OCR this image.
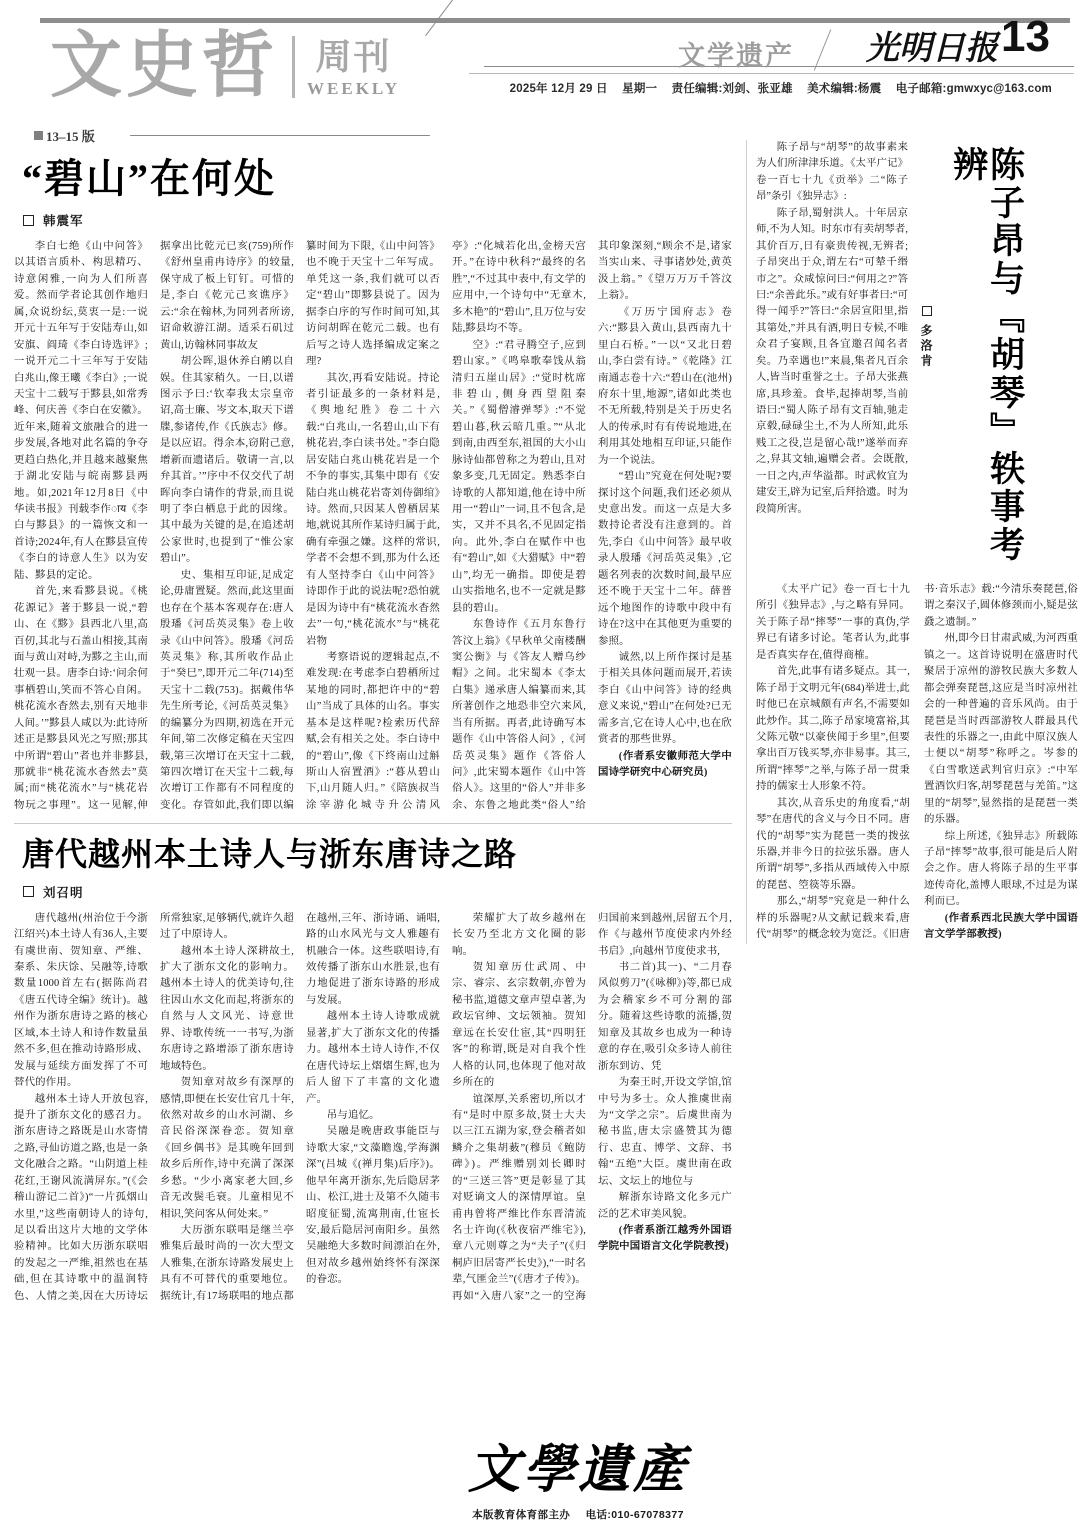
文史哲 周刊
WEEKLY
13–15 版
文学遗产 光明日报 13
2025年 12月 29 日 星期一 责任编辑:刘剑、张亚雄 美术编辑:杨震 电子邮箱:gmwxyc@163.com
“碧山”在何处
韩震军

李白七绝《山中问答》以其语言质朴、构思精巧、诗意闲雅,一向为人们所喜爱。然而学者论其创作地归属,众说纷纭,莫衷一是:一说开元十五年写于安陆寿山,如安旗、阎琦《李白诗选评》;一说开元二十三年写于安陆白兆山,像王曦《李白》;一说天宝十二载写于黟县,如常秀峰、何庆善《李白在安徽》。近年来,随着文旅融合的进一步发展,各地对此名篇的争夺更趋白热化,并且越来越聚焦于湖北安陆与皖南黟县两地。如,2021年12月8日《中华读书报》刊载李作ाय《李白与黟县》的一篇恢文和一首诗;2024年,有人在黟县宣传《李白的诗意人生》以为安陆、黟县的定论。

首先,来看黟县说。《桃花源记》著于黟县一说,“碧山、在《黟》县西北八里,高百仞,其北与石盖山相接,其南面与黄山对峙,为黟之主山,而壮观一县。唐李白诗:‘问余何事栖碧山,笑而不答心自闲。桃花流水杳然去,别有天地非人间。’”黟县人咸以为:此诗所述正是黟县风光之写照;那其中所谓“碧山”者也并非黟县,那就非“桃花流水杳然去”莫属;而“桃花流水”与“桃花岩物玩之事理”。这一见解,伸据拿出比乾元已亥(759)所作《舒州皇甫冉诗序》的较量,保守成了板上钉钉。可惜的是,李白《乾元己亥谯序》云:“余在翰林,为同列者所谤,诏命敕游江湖。适采石矶过黄山,访翰林同事故友

胡公晖,退休养白鹇以自娱。住其家稍久。一日,以谱图示予曰:‘钦奉我太宗皇帝诏,高士廉、岑文本,取天下谱牒,参诸传,作《氏族志》修。是以应诏。得余本,窃附己意,增新而遗诸后。敬请一言,以弁其首。’”序中不仅交代了胡晖向李白请作的背景,而且说明了李白栖息于此的因缘。其中最为关键的是,在追述胡公家世时,也提到了“惟公家碧山”。

史、集相互印证,足成定论,毋庸置疑。然而,此这里面也存在个基本客观存在:唐人殷璠《河岳英灵集》卷上收录《山中问答》。殷璠《河岳英灵集》称,其所收作品止于“癸巳”,即开元二年(714)至天宝十二载(753)。据戴伟华先生所考论,《河岳英灵集》的编纂分为四期,初选在开元年间,第二次修定稿在天宝四载,第三次增订在天宝十二载,第四次增订在天宝十二载,每次增订工作都有不同程度的变化。存管如此,我们即以编纂时间为下限,《山中问答》也不晚于天宝十二年写成。单凭这一条,我们就可以否定“碧山”即黟县说了。因为据李白序的写作时间可知,其访问胡晖在乾元二载。也有后写之诗人选择编成定案之理?

其次,再看安陆说。持论者引证最多的一条材料是,《舆地纪胜》卷二十六载:“白兆山,一名碧山,山下有桃花岩,李白读书处。”李白隐居安陆白兆山桃花岩是一个不争的事实,其集中即有《安陆白兆山桃花岩寄刘侍御绾》诗。然而,只因某人曾栖居某地,就说其所作某诗归属于此,确有牵强之嫌。这样的常识,学者不会想不到,那为什么还有人坚持李白《山中问答》诗即作于此的说法呢?恐怕就是因为诗中有“桃花流水杳然去”一句,“桃花流水”与“桃花岩物

考察语说的逻辑起点,不难发现:在考虑李白碧栖所过某地的同时,都把许中的“碧山”当成了具体的山名。事实基本是这样呢?检索历代辞赋,会有相关之处。李白诗中的“碧山”,像《下终南山过斛斯山人宿置酒》:“暮从碧山下,山月随人归。”《陪族叔当涂宰游化城寺升公清风亭》:“化城若化出,金榜天宫开。”在诗中秋科?“最终的名胜”,“不过其中表中,有文学的应用中,一个诗句中“无章木,多木艳”的“碧山”,且万位与安陆,黟县均不等。

空》:“君寻腾空子,应到碧山家。”《鸣皋歌奉饯从翁清归五崖山居》:“觉时枕席非碧山,侧身西望阻秦关。”《蜀僧濬弹琴》:“不觉碧山暮,秋云暗几重。”“从北到南,由西至东,祖国的大小山脉诗仙都曾称之为碧山,且对象多变,几无固定。熟悉李白诗歌的人都知道,他在诗中所用一“碧山”一词,且不包含,是实，又并不具名,不见固定指向。此外,李白在赋作中也有“碧山”,如《大猎赋》中“碧山”,均无一确指。即使是碧山实指地名,也不一定就是黟县的碧山。

东鲁诗作《五月东鲁行答汶上翁》《早秋单父南楼酬窦公衡》与《答友人赠乌纱帽》之间。北宋蜀本《李太白集》递承唐人编纂而来,其所著创作之地恐非空穴来风,当有所据。再者,此诗确写本题作《山中答俗人问》,《河岳英灵集》题作《答俗人问》,此宋蜀本题作《山中答俗人》。这里的“俗人”并非多余、东鲁之地此类“俗人”给其印象深刻,“顾余不是,诸家当实山来、寻事诸妙处,黄英汲上翁。”《望万万万千答汶上翁》。

《万历宁国府志》卷六:“黟县入黄山,县西南九十里白石桥。”一以“又北日碧山,李白尝有诗。”《乾隆》江南通志卷十六:“碧山在(池州)府东十里,地源”,诸如此类也不无所载,特别是关于历史名人的传承,时有有传说地进,在利用其处地相互印证,只能作为一个说法。

“碧山”究竟在何处呢?要探讨这个问题,我们还必须从史意出发。而这一点是大多数持论者没有注意到的。首先,李白《山中问答》最早收录人殷璠《河岳英灵集》,它题名列表的次数时间,最早应还不晚于天宝十二年。薛普远个地图作的诗歌中段中有诗在?这中在其他更为重要的参照。

诚然,以上所作探讨是基于相关具体问题而展开,若读李白《山中问答》诗的经典意义来说,“碧山”在何处?已无需多言,它在诗人心中,也在欣赏者的那些世界。

(作者系安徽师范大学中国诗学研究中心研究员)

唐代越州本土诗人与浙东唐诗之路
刘召明

唐代越州(州治位于今浙江绍兴)本土诗人有36人,主要有虞世南、贺知章、严维、秦系、朱庆馀、吴融等,诗歌数量1000首左右(据陈尚君《唐五代诗全编》统计)。越州作为浙东唐诗之路的核心区域,本土诗人和诗作数量虽然不多,但在推动诗路形成、发展与延续方面发挥了不可替代的作用。

越州本土诗人开放包容,提升了浙东文化的感召力。浙东唐诗之路既是山水寄情之路,寻仙访道之路,也是一条文化融合之路。“山阴道上桂花红,王谢风流满屏东。”(《会稽山游记二首》)“一片孤烟山水里,”这些南朝诗人的诗句,足以看出这片大地的文学体验精神。比如大历浙东联唱的发起之一严维,祖然也在基础,但在其诗歌中的温润特色、人情之美,因在大历诗坛所常独家,足够辆代,就许久超过了中原诗人。

越州本土诗人深耕故土,扩大了浙东文化的影响力。越州本土诗人的优美诗句,往往因山水文化而起,将浙东的自然与人文风光、诗意世界、诗歌传统一一书写,为浙东唐诗之路增添了浙东唐诗地域特色。

贺知章对故乡有深厚的感情,即便在长安仕官几十年,依然对故乡的山水河湖、乡音民俗深深眷恋。贺知章《回乡偶书》是其晚年回到故乡后所作,诗中充满了深深乡愁。“少小离家老大回,乡音无改鬓毛衰。儿童相见不相识,笑问客从何处来。”

大历浙东联唱是继兰亭雅集后最时尚的一次大型文人雅集,在浙东诗路发展史上具有不可替代的重要地位。据统计,有17场联唱的地点都在越州,三年、浙诗诵、诵唱,路的山水风光与文人雅趣有机融合一体。这些联唱诗,有效传播了浙东山水胜景,也有力地促进了浙东诗路的形成与发展。

越州本土诗人诗歌成就显著,扩大了浙东文化的传播力。越州本土诗人诗作,不仅在唐代诗坛上熠熠生辉,也为后人留下了丰富的文化遗产。

吊与追忆。

吴融是晚唐政事能臣与诗歌大家,“文藻瞻逸,学海渊深”(吕城《(禅月集)后序》)。他早年离开浙东,先后隐居茅山、松江,进士及第不久随韦昭度征蜀,流寓荆南,仕宦长安,最后隐居河南阳乡。虽然吴融绝大多数时间漂泊在外,但对故乡越州始终怀有深深的眷恋。

荣耀扩大了故乡越州在长安乃至北方文化圈的影响。

贺知章历仕武周、中宗、睿宗、玄宗数朝,亦曾为秘书监,道德文章声望卓著,为政坛官绅、文坛领袖。贺知章远在长安仕宦,其“四明狂客”的称谓,既是对自我个性人格的认同,也体现了他对故乡所在的

谊深厚,关系密切,所以才有“是时中原多故,贤士大夫以三江五湖为家,登会稽者如鳞介之集胡薮”(穆员《鲍防碑》)。严维赠别刘长卿时的“三送三答”更是彰显了其对贬谪文人的深情厚谊。皇甫冉曾将严维比作东晋清流名士许询(《秋夜宿严维宅》),章八元则尊之为“夫子”(《归桐庐旧居寄严长史》),“一时名辈,气匪金兰”(《唐才子传》)。再如“入唐八家”之一的空海归国前来到越州,居留五个月,作《与越州节度使求内外经书启》,向越州节度使求书,

书二首)其一)、“二月春风似剪刀”(《咏柳》)等,都已成为会稽家乡不可分割的部分。随着这些诗歌的流播,贺知章及其故乡也成为一种诗意的存在,吸引众多诗人前往浙东到访、凭

为秦王时,开设文学馆,馆中号为多士。众人推虞世南为“文学之宗”。后虞世南为秘书监,唐太宗盛赞其为德行、忠直、博学、文辞、书翰“五绝”大臣。虞世南在政坛、文坛上的地位与

解浙东诗路文化多元广泛的艺术审美风貌。

(作者系浙江越秀外国语学院中国语言文化学院教授)

陈子昂与“胡琴”的故事素来为人们所津津乐道。《太平广记》卷一百七十九《贡举》二“陈子昂”条引《独异志》:

陈子昂,蜀射洪人。十年居京师,不为人知。时东市有卖胡琴者,其价百万,日有豪贵传视,无辨者;子昂突出于众,谓左右“可辇千缗市之”。众咸惊问曰:“何用之?”答曰:“余善此乐。”或有好事者曰:“可得一闻乎?”答曰:“余居宣阳里,指其第处,”并具有酒,明日专候,不唯众君子宴顾,且各宜邀召闻名者矣。乃幸遇也!”来晨,集者凡百余人,皆当时重誉之士。子昂大张燕席,具珍羞。食毕,起捧胡琴,当前语曰:“蜀人陈子昂有文百轴,驰走京毂,碌碌尘土,不为人所知,此乐贱工之役,岂是留心哉!”遂举而弃之,舁其文轴,遍赠会者。会既散,一日之内,声华溢都。时武攸宜为建安王,辟为记室,后拜拾遗。时为段简所害。	陈子昂与『胡琴』轶事考辨
多洛肯

《太平广记》卷一百七十九所引《独异志》,与之略有异同。关于陈子昂“摔琴”一事的真伪,学界已有诸多讨论。笔者认为,此事是否真实存在,值得商榷。

首先,此事有诸多疑点。其一,陈子昂于文明元年(684)举进士,此时他已在京城颇有声名,不需要如此炒作。其二,陈子昂家境富裕,其父陈元敬“以豪侠闻于乡里”,但要拿出百万钱买琴,亦非易事。其三,所谓“摔琴”之举,与陈子昂一贯秉持的儒家士人形象不符。

其次,从音乐史的角度看,“胡琴”在唐代的含义与今日不同。唐代的“胡琴”实为琵琶一类的拨弦乐器,并非今日的拉弦乐器。唐人所谓“胡琴”,多指从西域传入中原的琵琶、箜篌等乐器。

那么,“胡琴”究竟是一种什么样的乐器呢?从文献记载来看,唐代“胡琴”的概念较为宽泛。《旧唐书·音乐志》载:“今清乐奏琵琶,俗谓之秦汉子,圆体修颈而小,疑是弦鼗之遗制。”

州,即今日甘肃武威,为河西重镇之一。这首诗说明在盛唐时代聚居于凉州的游牧民族大多数人都会弹奏琵琶,这应是当时凉州社会的一种普遍的音乐风尚。由于琵琶是当时西部游牧人群最具代表性的乐器之一,由此中原汉族人士便以“胡琴”称呼之。岑参的《白雪歌送武判官归京》:“中军置酒饮归客,胡琴琵琶与羌笛。”这里的“胡琴”,显然指的是琵琶一类的乐器。

综上所述,《独异志》所载陈子昂“摔琴”故事,很可能是后人附会之作。唐人将陈子昂的生平事迹传奇化,盖博人眼球,不过是为谋利而已。

(作者系西北民族大学中国语言文学学部教授)

文學遺產
本版教育体育部主办 电话:010-67078377
